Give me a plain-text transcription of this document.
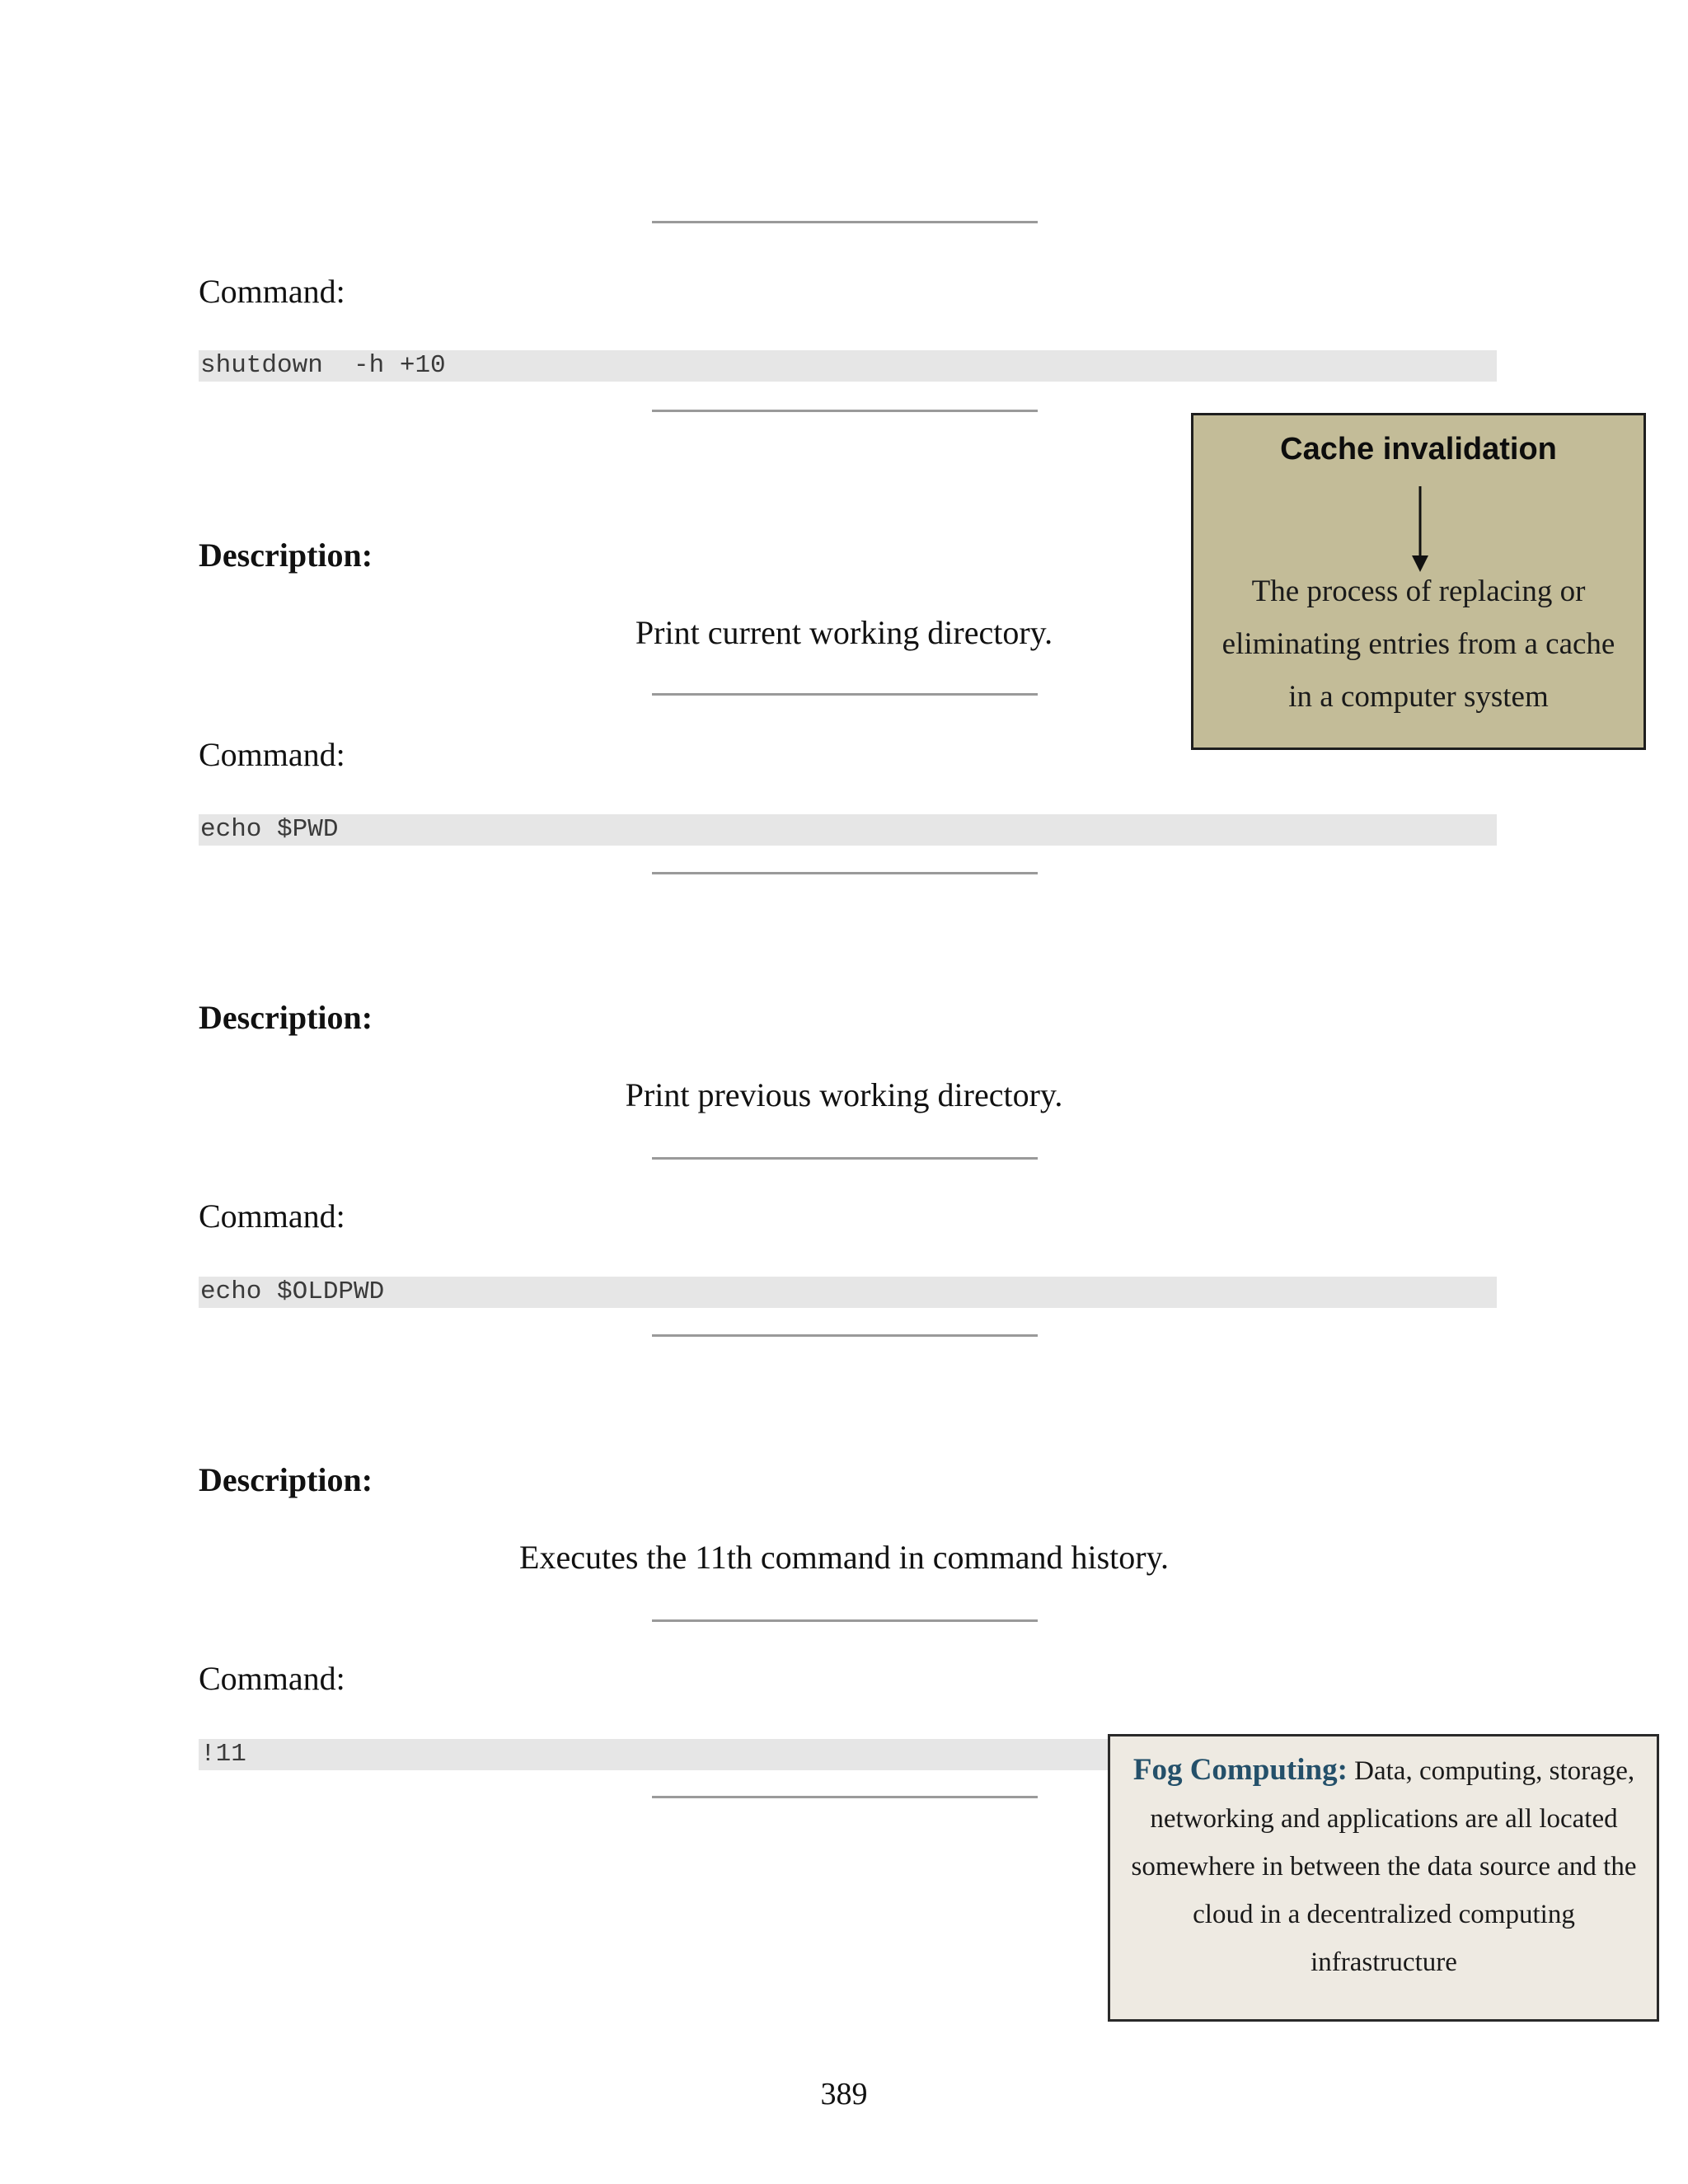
Command:
shutdown  -h +10
Description:
Print current working directory.
Command:
echo $PWD
Description:
Print previous working directory.
Command:
echo $OLDPWD
Description:
Executes the 11th command in command history.
Command:
!11
Cache invalidation
The process of replacing or eliminating entries from a cache in a computer system
Fog Computing: Data, computing, storage, networking and applications are all located somewhere in between the data source and the cloud in a decentralized computing infrastructure
389
